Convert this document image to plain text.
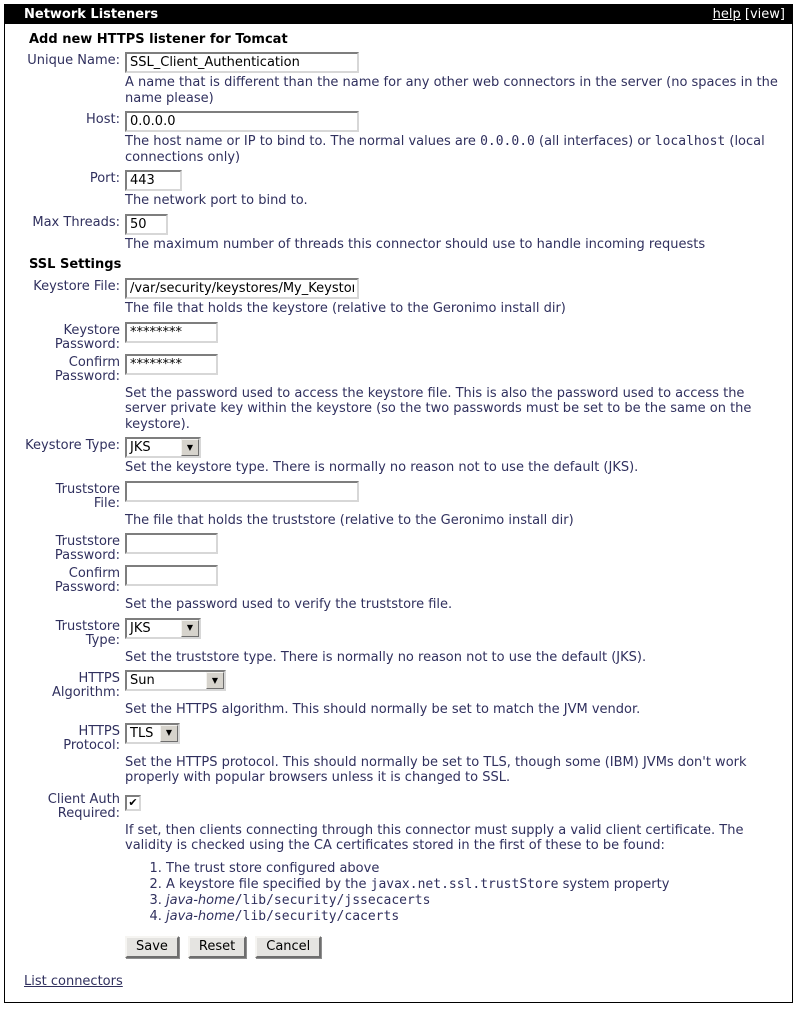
Network Listeners	help [view]
Add new HTTPS listener for Tomcat
Unique Name:
SSL_Client_Authentication
A name that is different than the name for any other web connectors in the server (no spaces in the name please)
Host:
0.0.0.0
The host name or IP to bind to. The normal values are 0.0.0.0 (all interfaces) or localhost (local connections only)
Port:
443
The network port to bind to.
Max Threads:
50
The maximum number of threads this connector should use to handle incoming requests
SSL Settings
Keystore File:
/var/security/keystores/My_Keystore
The file that holds the keystore (relative to the Geronimo install dir)
Keystore
Password:
********
Confirm
Password:
********
Set the password used to access the keystore file. This is also the password used to access the server private key within the keystore (so the two passwords must be set to be the same on the keystore).
Keystore Type: JKS	▼
Set the keystore type. There is normally no reason not to use the default (JKS).
Truststore
File:
The file that holds the truststore (relative to the Geronimo install dir)
Truststore
Password:
Confirm
Password:
Set the password used to verify the truststore file.
Truststore
Type:
JKS	▼
Set the truststore type. There is normally no reason not to use the default (JKS).
HTTPS
Algorithm:
Sun	▼
Set the HTTPS algorithm. This should normally be set to match the JVM vendor.
HTTPS
Protocol:
TLS	▼
Set the HTTPS protocol. This should normally be set to TLS, though some (IBM) JVMs don't work properly with popular browsers unless it is changed to SSL.
Client Auth
Required:
✔
If set, then clients connecting through this connector must supply a valid client certificate. The validity is checked using the CA certificates stored in the first of these to be found:
1. The trust store configured above
2. A keystore file specified by the javax.net.ssl.trustStore system property
3. java-home/lib/security/jssecacerts
4. java-home/lib/security/cacerts
Save	Reset	Cancel
List connectors
